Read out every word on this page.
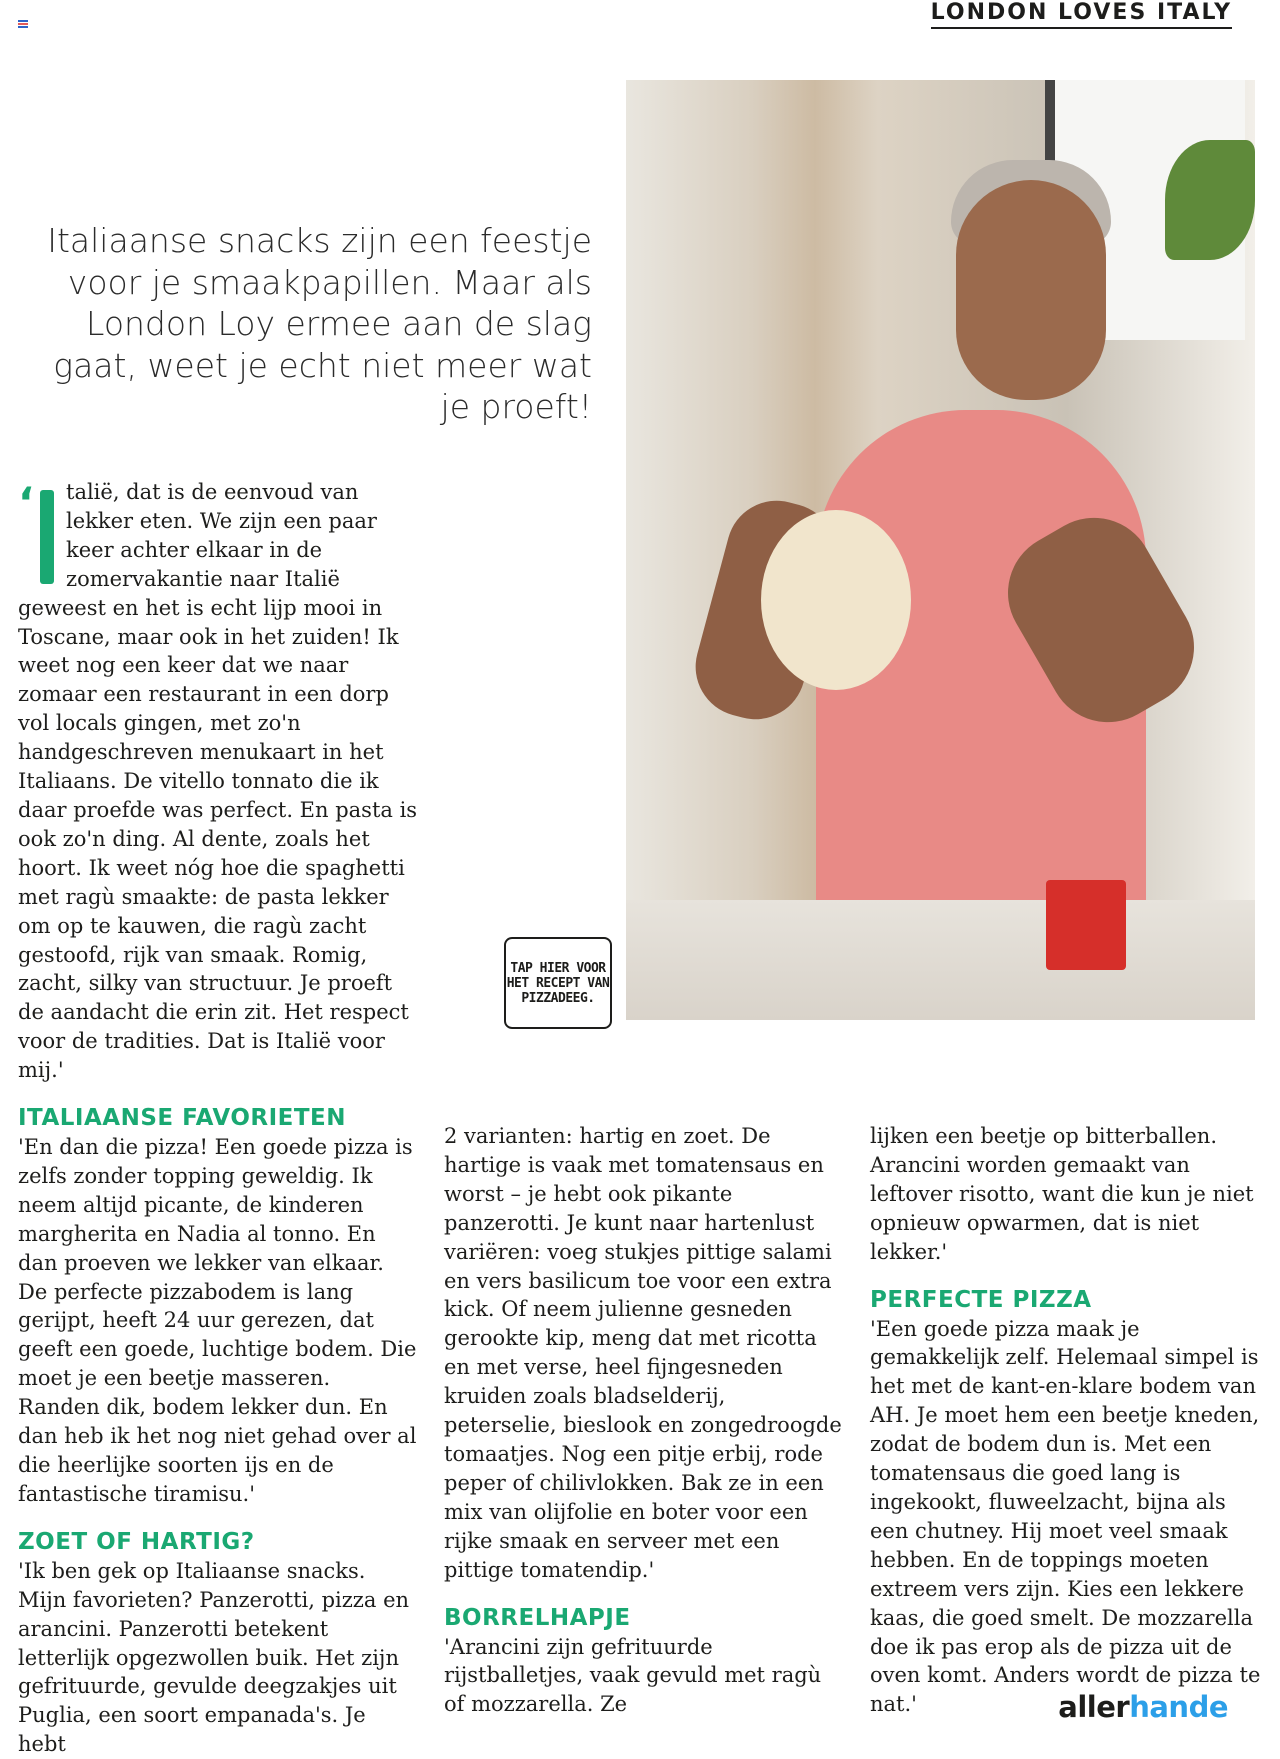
LONDON LOVES ITALY
Italiaanse snacks zijn een feestje voor je smaakpapillen. Maar als London Loy ermee aan de slag gaat, weet je echt niet meer wat je proeft!
TAP HIER VOOR HET RECEPT VAN PIZZADEEG.
‘	talië, dat is de eenvoud van lekker eten. We zijn een paar keer achter elkaar in de zomervakantie naar Italië geweest en het is echt lijp mooi in Toscane, maar ook in het zuiden! Ik weet nog een keer dat we naar zomaar een restaurant in een dorp vol locals gingen, met zo'n handgeschreven menukaart in het Italiaans. De vitello tonnato die ik daar proefde was perfect. En pasta is ook zo'n ding. Al dente, zoals het hoort. Ik weet nóg hoe die spaghetti met ragù smaakte: de pasta lekker om op te kauwen, die ragù zacht gestoofd, rijk van smaak. Romig, zacht, silky van structuur. Je proeft de aandacht die erin zit. Het respect voor de tradities. Dat is Italië voor mij.'

ITALIAANSE FAVORIETEN

'En dan die pizza! Een goede pizza is zelfs zonder topping geweldig. Ik neem altijd picante, de kinderen margherita en Nadia al tonno. En dan proeven we lekker van elkaar. De perfecte pizzabodem is lang gerijpt, heeft 24 uur gerezen, dat geeft een goede, luchtige bodem. Die moet je een beetje masseren. Randen dik, bodem lekker dun. En dan heb ik het nog niet gehad over al die heerlijke soorten ijs en de fantastische tiramisu.'

ZOET OF HARTIG?

'Ik ben gek op Italiaanse snacks. Mijn favorieten? Panzerotti, pizza en arancini. Panzerotti betekent letterlijk opgezwollen buik. Het zijn gefrituurde, gevulde deegzakjes uit Puglia, een soort empanada's. Je hebt

2 varianten: hartig en zoet. De hartige is vaak met tomatensaus en worst – je hebt ook pikante panzerotti. Je kunt naar hartenlust variëren: voeg stukjes pittige salami en vers basilicum toe voor een extra kick. Of neem julienne gesneden gerookte kip, meng dat met ricotta en met verse, heel fijngesneden kruiden zoals bladselderij, peterselie, bieslook en zongedroogde tomaatjes. Nog een pitje erbij, rode peper of chilivlokken. Bak ze in een mix van olijfolie en boter voor een rijke smaak en serveer met een pittige tomatendip.'

BORRELHAPJE

'Arancini zijn gefrituurde rijstballetjes, vaak gevuld met ragù of mozzarella. Ze

lijken een beetje op bitterballen. Arancini worden gemaakt van leftover risotto, want die kun je niet opnieuw opwarmen, dat is niet lekker.'

PERFECTE PIZZA

'Een goede pizza maak je gemakkelijk zelf. Helemaal simpel is het met de kant-en-klare bodem van AH. Je moet hem een beetje kneden, zodat de bodem dun is. Met een tomatensaus die goed lang is ingekookt, fluweelzacht, bijna als een chutney. Hij moet veel smaak hebben. En de toppings moeten extreem vers zijn. Kies een lekkere kaas, die goed smelt. De mozzarella doe ik pas erop als de pizza uit de oven komt. Anders wordt de pizza te nat.'	allerhande
